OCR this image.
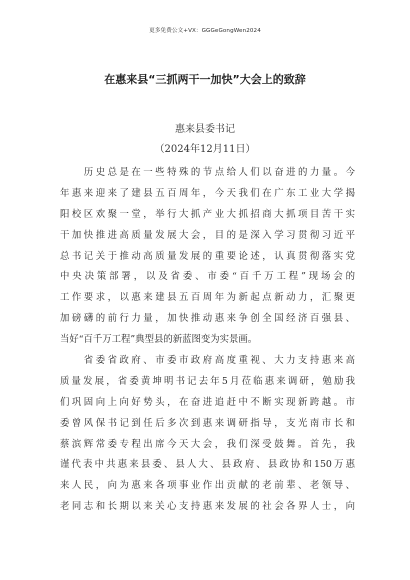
更多免费公文+VX：GGGeGongWen2024
在惠来县“三抓两干一加快”大会上的致辞
惠来县委书记
（2024年12月11日）
　　历史总是在一些特殊的节点给人们以奋进的力量。今
年惠来迎来了建县五百周年，今天我们在广东工业大学揭
阳校区欢聚一堂，举行大抓产业大抓招商大抓项目苦干实
干加快推进高质量发展大会，目的是深入学习贯彻习近平
总书记关于推动高质量发展的重要论述，认真贯彻落实党
中央决策部署，以及省委、市委“百千万工程”现场会的
工作要求，以惠来建县五百周年为新起点新动力，汇聚更
加磅礴的前行力量，加快推动惠来争创全国经济百强县、
当好“百千万工程”典型县的新蓝图变为实景画。
　　省委省政府、市委市政府高度重视、大力支持惠来高
质量发展，省委黄坤明书记去年5月莅临惠来调研，勉励我
们巩固向上向好势头，在奋进追赶中不断实现新跨越。市
委曾风保书记到任后多次到惠来调研指导，支光南市长和
蔡滨辉常委专程出席今天大会，我们深受鼓舞。首先，我
谨代表中共惠来县委、县人大、县政府、县政协和150万惠
来人民，向为惠来各项事业作出贡献的老前辈、老领导、
老同志和长期以来关心支持惠来发展的社会各界人士，向
